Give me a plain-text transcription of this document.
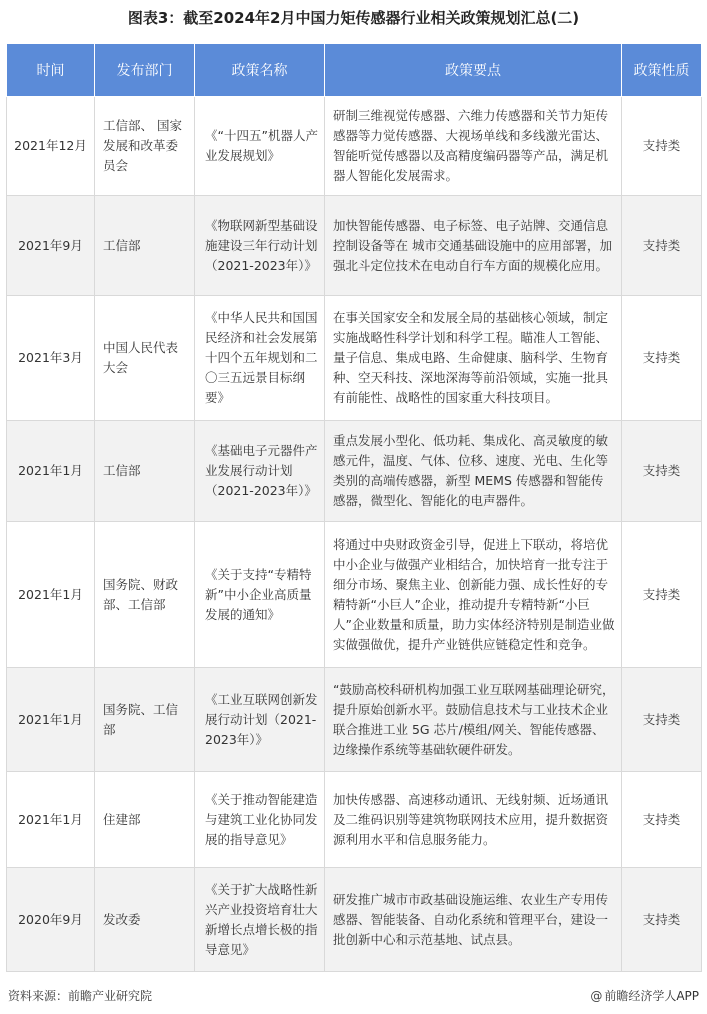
图表3：截至2024年2月中国力矩传感器行业相关政策规划汇总(二)
时间	发布部门	政策名称	政策要点	政策性质
2021年12月	工信部、 国家发展和改革委员会	《“十四五”机器人产业发展规划》	研制三维视觉传感器、六维力传感器和关节力矩传感器等力觉传感器、大视场单线和多线激光雷达、智能听觉传感器以及高精度编码器等产品，满足机器人智能化发展需求。	支持类
2021年9月	工信部	《物联网新型基础设施建设三年行动计划（2021-2023年）》	加快智能传感器、电子标签、电子站牌、交通信息控制设备等在 城市交通基础设施中的应用部署，加强北斗定位技术在电动自行车方面的规模化应用。	支持类
2021年3月	中国人民代表大会	《中华人民共和国国民经济和社会发展第十四个五年规划和二〇三五远景目标纲要》	在事关国家安全和发展全局的基础核心领域，制定实施战略性科学计划和科学工程。瞄准人工智能、量子信息、集成电路、生命健康、脑科学、生物育种、空天科技、深地深海等前沿领域，实施一批具有前能性、战略性的国家重大科技项目。	支持类
2021年1月	工信部	《基础电子元器件产业发展行动计划（2021-2023年）》	重点发展小型化、低功耗、集成化、高灵敏度的敏感元件，温度、气体、位移、速度、光电、生化等类别的高端传感器，新型 MEMS 传感器和智能传感器，微型化、智能化的电声器件。	支持类
2021年1月	国务院、财政部、工信部	《关于支持“专精特新”中小企业高质量发展的通知》	将通过中央财政资金引导，促进上下联动，将培优中小企业与做强产业相结合，加快培育一批专注于细分市场、聚焦主业、创新能力强、成长性好的专精特新“小巨人”企业，推动提升专精特新“小巨人”企业数量和质量，助力实体经济特别是制造业做实做强做优，提升产业链供应链稳定性和竞争。	支持类
2021年1月	国务院、工信部	《工业互联网创新发展行动计划（2021-2023年）》	“鼓励高校科研机构加强工业互联网基础理论研究，提升原始创新水平。鼓励信息技术与工业技术企业联合推进工业 5G 芯片/模组/网关、智能传感器、边缘操作系统等基础软硬件研发。	支持类
2021年1月	住建部	《关于推动智能建造与建筑工业化协同发展的指导意见》	加快传感器、高速移动通讯、无线射频、近场通讯及二维码识别等建筑物联网技术应用，提升数据资源利用水平和信息服务能力。	支持类
2020年9月	发改委	《关于扩大战略性新兴产业投资培育壮大新增长点增长极的指导意见》	研发推广城市市政基础设施运维、农业生产专用传感器、智能装备、自动化系统和管理平台，建设一批创新中心和示范基地、试点县。	支持类
资料来源：前瞻产业研究院	@ 前瞻经济学人APP
